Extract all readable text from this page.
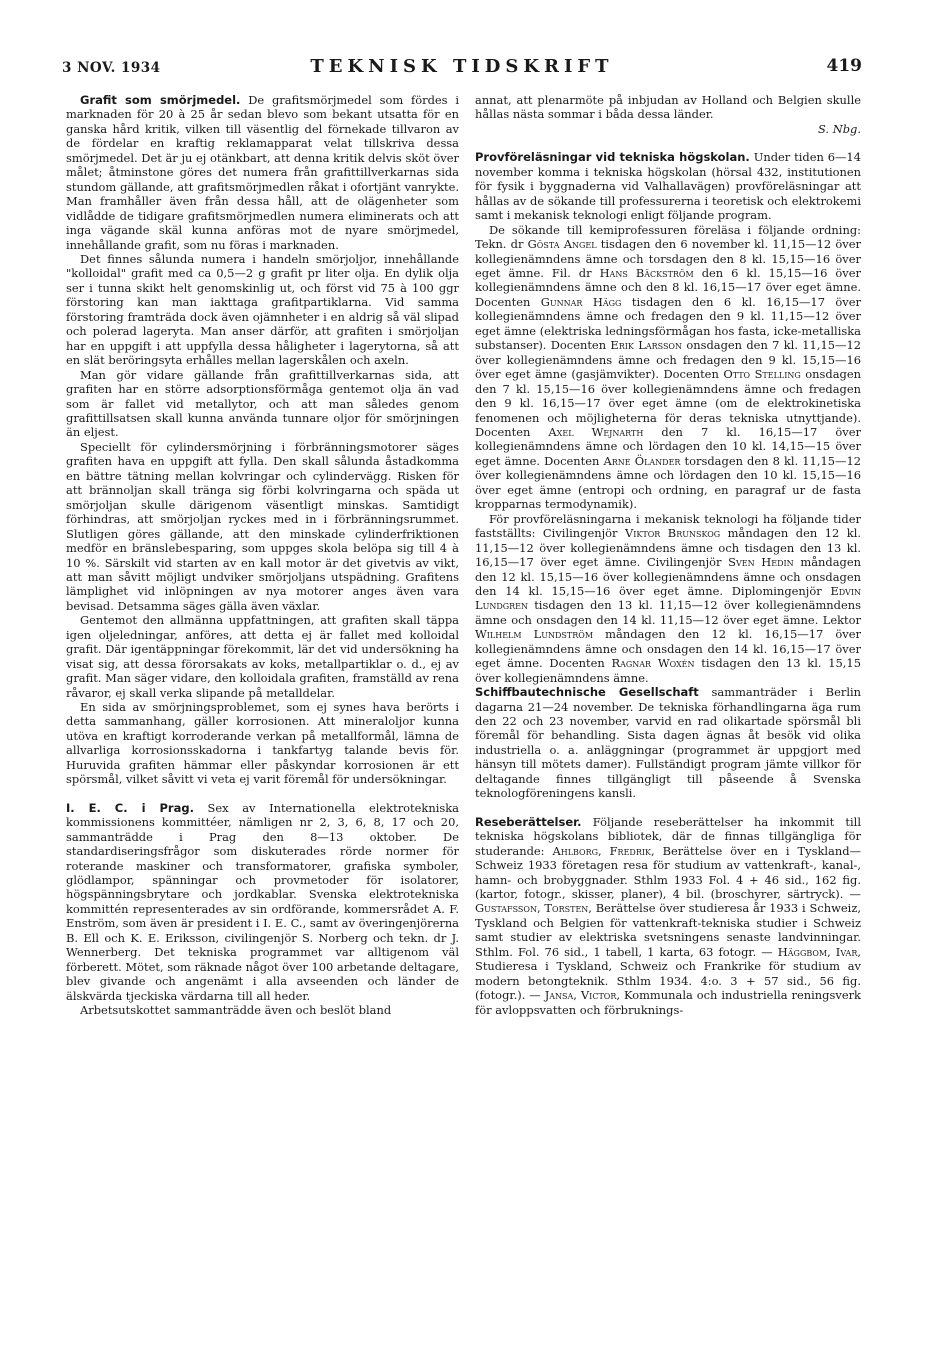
3 NOV. 1934	TEKNISK TIDSKRIFT	419

Grafit som smörjmedel. De grafitsmörjmedel som fördes i marknaden för 20 à 25 år sedan blevo som bekant utsatta för en ganska hård kritik, vilken till väsentlig del förnekade tillvaron av de fördelar en kraftig reklamapparat velat tillskriva dessa smörjmedel. Det är ju ej otänkbart, att denna kritik delvis sköt över målet; åtminstone göres det numera från grafittillverkarnas sida stundom gällande, att grafitsmörjmedlen råkat i ofortjänt vanrykte. Man framhåller även från dessa håll, att de olägenheter som vidlådde de tidigare grafitsmörjmedlen numera eliminerats och att inga vägande skäl kunna anföras mot de nyare smörjmedel, innehållande grafit, som nu föras i marknaden.

Det finnes sålunda numera i handeln smörjoljor, innehållande "kolloidal" grafit med ca 0,5—2 g grafit pr liter olja. En dylik olja ser i tunna skikt helt genomskinlig ut, och först vid 75 à 100 ggr förstoring kan man iakttaga grafitpartiklarna. Vid samma förstoring framträda dock även ojämnheter i en aldrig så väl slipad och polerad lageryta. Man anser därför, att grafiten i smörjoljan har en uppgift i att uppfylla dessa håligheter i lagerytorna, så att en slät beröringsyta erhålles mellan lagerskålen och axeln.

Man gör vidare gällande från grafittillverkarnas sida, att grafiten har en större adsorptionsförmåga gentemot olja än vad som är fallet vid metallytor, och att man således genom grafittillsatsen skall kunna använda tunnare oljor för smörjningen än eljest.

Speciellt för cylindersmörjning i förbränningsmotorer säges grafiten hava en uppgift att fylla. Den skall sålunda åstadkomma en bättre tätning mellan kolvringar och cylindervägg. Risken för att brännoljan skall tränga sig förbi kolvringarna och späda ut smörjoljan skulle därigenom väsentligt minskas. Samtidigt förhindras, att smörjoljan ryckes med in i förbränningsrummet. Slutligen göres gällande, att den minskade cylinderfriktionen medför en bränslebesparing, som uppges skola belöpa sig till 4 à 10 %. Särskilt vid starten av en kall motor är det givetvis av vikt, att man såvitt möjligt undviker smörjoljans utspädning. Grafitens lämplighet vid inlöpningen av nya motorer anges även vara bevisad. Detsamma säges gälla även växlar.

Gentemot den allmänna uppfattningen, att grafiten skall täppa igen oljeledningar, anföres, att detta ej är fallet med kolloidal grafit. Där igentäppningar förekommit, lär det vid undersökning ha visat sig, att dessa förorsakats av koks, metallpartiklar o. d., ej av grafit. Man säger vidare, den kolloidala grafiten, framställd av rena råvaror, ej skall verka slipande på metalldelar.

En sida av smörjningsproblemet, som ej synes hava berörts i detta sammanhang, gäller korrosionen. Att mineraloljor kunna utöva en kraftigt korroderande verkan på metallformål, lämna de allvarliga korrosionsskadorna i tankfartyg talande bevis för. Huruvida grafiten hämmar eller påskyndar korrosionen är ett spörsmål, vilket såvitt vi veta ej varit föremål för undersökningar.

I. E. C. i Prag. Sex av Internationella elektrotekniska kommissionens kommittéer, nämligen nr 2, 3, 6, 8, 17 och 20, sammanträdde i Prag den 8—13 oktober. De standardiseringsfrågor som diskuterades rörde normer för roterande maskiner och transformatorer, grafiska symboler, glödlampor, spänningar och provmetoder för isolatorer, högspänningsbrytare och jordkablar. Svenska elektrotekniska kommittén representerades av sin ordförande, kommersrådet A. F. Enström, som även är president i I. E. C., samt av överingenjörerna B. Ell och K. E. Eriksson, civilingenjör S. Norberg och tekn. dr J. Wennerberg. Det tekniska programmet var alltigenom väl förberett. Mötet, som räknade något över 100 arbetande deltagare, blev givande och angenämt i alla avseenden och länder de älskvärda tjeckiska värdarna till all heder.

Arbetsutskottet sammanträdde även och beslöt bland

annat, att plenarmöte på inbjudan av Holland och Belgien skulle hållas nästa sommar i båda dessa länder.

S. Nbg.

Provföreläsningar vid tekniska högskolan. Under tiden 6—14 november komma i tekniska högskolan (hörsal 432, institutionen för fysik i byggnaderna vid Valhallavägen) provföreläsningar att hållas av de sökande till professurerna i teoretisk och elektrokemi samt i mekanisk teknologi enligt följande program.

De sökande till kemiprofessuren föreläsa i följande ordning: Tekn. dr Gösta Angel tisdagen den 6 november kl. 11,15—12 över kollegienämndens ämne och torsdagen den 8 kl. 15,15—16 över eget ämne. Fil. dr Hans Bäckström den 6 kl. 15,15—16 över kollegienämndens ämne och den 8 kl. 16,15—17 över eget ämne. Docenten Gunnar Hägg tisdagen den 6 kl. 16,15—17 över kollegienämndens ämne och fredagen den 9 kl. 11,15—12 över eget ämne (elektriska ledningsförmågan hos fasta, icke-metalliska substanser). Docenten Erik Larsson onsdagen den 7 kl. 11,15—12 över kollegienämndens ämne och fredagen den 9 kl. 15,15—16 över eget ämne (gasjämvikter). Docenten Otto Stelling onsdagen den 7 kl. 15,15—16 över kollegienämndens ämne och fredagen den 9 kl. 16,15—17 över eget ämne (om de elektrokinetiska fenomenen och möjligheterna för deras tekniska utnyttjande). Docenten Axel Wejnarth den 7 kl. 16,15—17 över kollegienämndens ämne och lördagen den 10 kl. 14,15—15 över eget ämne. Docenten Arne Ölander torsdagen den 8 kl. 11,15—12 över kollegienämndens ämne och lördagen den 10 kl. 15,15—16 över eget ämne (entropi och ordning, en paragraf ur de fasta kropparnas termodynamik).

För provföreläsningarna i mekanisk teknologi ha följande tider fastställts: Civilingenjör Viktor Brunskog måndagen den 12 kl. 11,15—12 över kollegienämndens ämne och tisdagen den 13 kl. 16,15—17 över eget ämne. Civilingenjör Sven Hedin måndagen den 12 kl. 15,15—16 över kollegienämndens ämne och onsdagen den 14 kl. 15,15—16 över eget ämne. Diplomingenjör Edvin Lundgren tisdagen den 13 kl. 11,15—12 över kollegienämndens ämne och onsdagen den 14 kl. 11,15—12 över eget ämne. Lektor Wilhelm Lundström måndagen den 12 kl. 16,15—17 över kollegienämndens ämne och onsdagen den 14 kl. 16,15—17 över eget ämne. Docenten Ragnar Woxén tisdagen den 13 kl. 15,15 över kollegienämndens ämne.

Schiffbautechnische Gesellschaft sammanträder i Berlin dagarna 21—24 november. De tekniska förhandlingarna äga rum den 22 och 23 november, varvid en rad olikartade spörsmål bli föremål för behandling. Sista dagen ägnas åt besök vid olika industriella o. a. anläggningar (programmet är uppgjort med hänsyn till mötets damer). Fullständigt program jämte villkor för deltagande finnes tillgängligt till påseende å Svenska teknologföreningens kansli.

Reseberättelser. Följande reseberättelser ha inkommit till tekniska högskolans bibliotek, där de finnas tillgängliga för studerande: Ahlborg, Fredrik, Berättelse över en i Tyskland—Schweiz 1933 företagen resa för studium av vattenkraft-, kanal-, hamn- och brobyggnader. Sthlm 1933 Fol. 4 + 46 sid., 162 fig. (kartor, fotogr., skisser, planer), 4 bil. (broschyrer, särtryck). — Gustafsson, Torsten, Berättelse över studieresa år 1933 i Schweiz, Tyskland och Belgien för vattenkraft-tekniska studier i Schweiz samt studier av elektriska svetsningens senaste landvinningar. Sthlm. Fol. 76 sid., 1 tabell, 1 karta, 63 fotogr. — Häggbom, Ivar, Studieresa i Tyskland, Schweiz och Frankrike för studium av modern betongteknik. Sthlm 1934. 4:o. 3 + 57 sid., 56 fig. (fotogr.). — Jansa, Victor, Kommunala och industriella reningsverk för avloppsvatten och förbruknings-
